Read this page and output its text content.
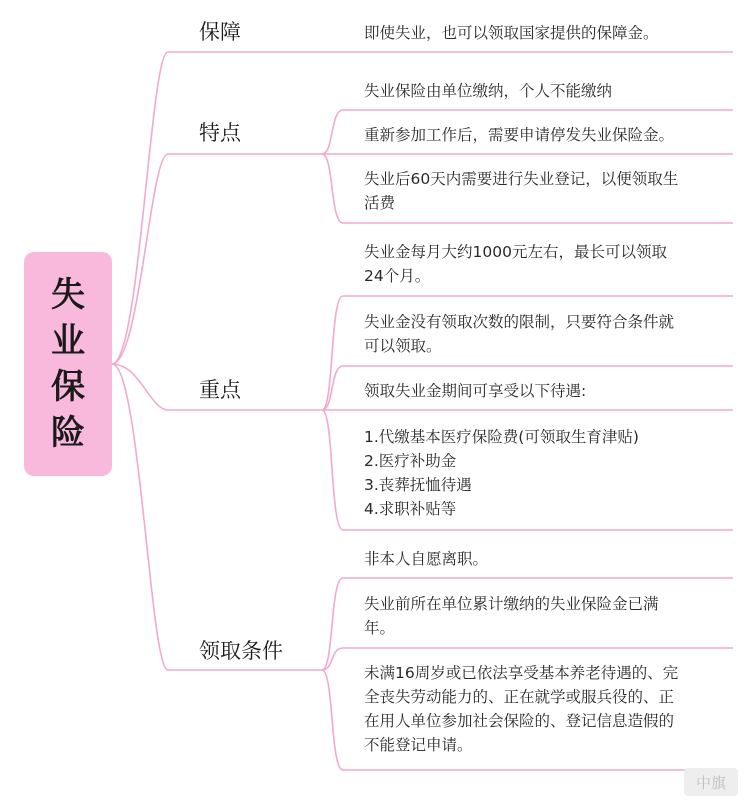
失业保险
保障	即使失业，也可以领取国家提供的保障金。
特点
失业保险由单位缴纳，个人不能缴纳
重新参加工作后，需要申请停发失业保险金。
失业后60天内需要进行失业登记，以便领取生
活费
重点
失业金每月大约1000元左右，最长可以领取
24个月。
失业金没有领取次数的限制，只要符合条件就
可以领取。
领取失业金期间可享受以下待遇:
1.代缴基本医疗保险费(可领取生育津贴)
2.医疗补助金
3.丧葬抚恤待遇
4.求职补贴等
领取条件
非本人自愿离职。
失业前所在单位累计缴纳的失业保险金已满
年。
未满16周岁或已依法享受基本养老待遇的、完
全丧失劳动能力的、正在就学或服兵役的、正
在用人单位参加社会保险的、登记信息造假的
不能登记申请。
中旗
